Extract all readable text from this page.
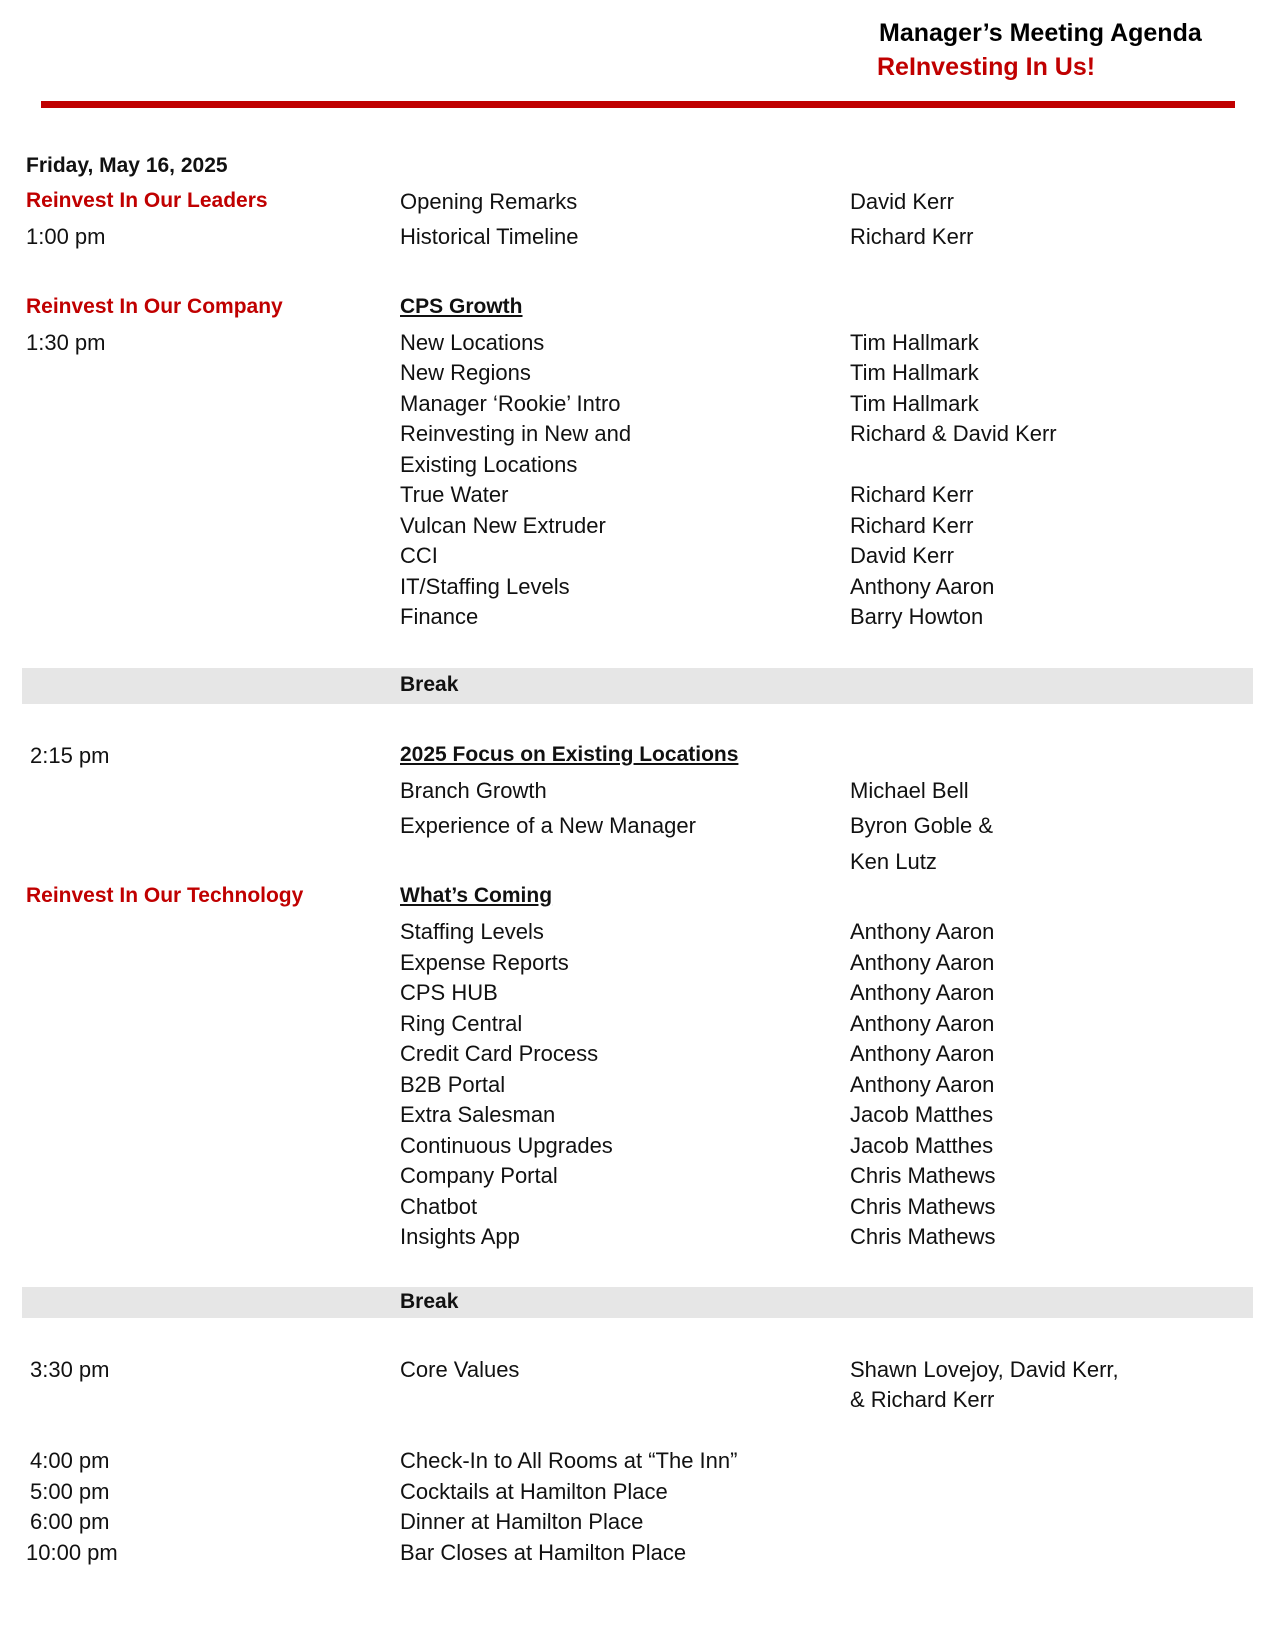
Manager’s Meeting Agenda
ReInvesting In Us!
Friday, May 16, 2025
Reinvest In Our Leaders
1:00 pm
Opening Remarks	David Kerr
Historical Timeline	Richard Kerr
Reinvest In Our Company
1:30 pm
CPS Growth
New Locations	Tim Hallmark
New Regions	Tim Hallmark
Manager ‘Rookie’ Intro	Tim Hallmark
Reinvesting in New and	Richard & David Kerr
Existing Locations
True Water	Richard Kerr
Vulcan New Extruder	Richard Kerr
CCI	David Kerr
IT/Staffing Levels	Anthony Aaron
Finance	Barry Howton
Break
2:15 pm	2025 Focus on Existing Locations
Branch Growth	Michael Bell
Experience of a New Manager	Byron Goble &
Ken Lutz
Reinvest In Our Technology	What’s Coming
Staffing Levels	Anthony Aaron
Expense Reports	Anthony Aaron
CPS HUB	Anthony Aaron
Ring Central	Anthony Aaron
Credit Card Process	Anthony Aaron
B2B Portal	Anthony Aaron
Extra Salesman	Jacob Matthes
Continuous Upgrades	Jacob Matthes
Company Portal	Chris Mathews
Chatbot	Chris Mathews
Insights App	Chris Mathews
Break
3:30 pm	Core Values	Shawn Lovejoy, David Kerr,
& Richard Kerr
4:00 pm	Check-In to All Rooms at “The Inn”
5:00 pm	Cocktails at Hamilton Place
6:00 pm	Dinner at Hamilton Place
10:00 pm	Bar Closes at Hamilton Place
